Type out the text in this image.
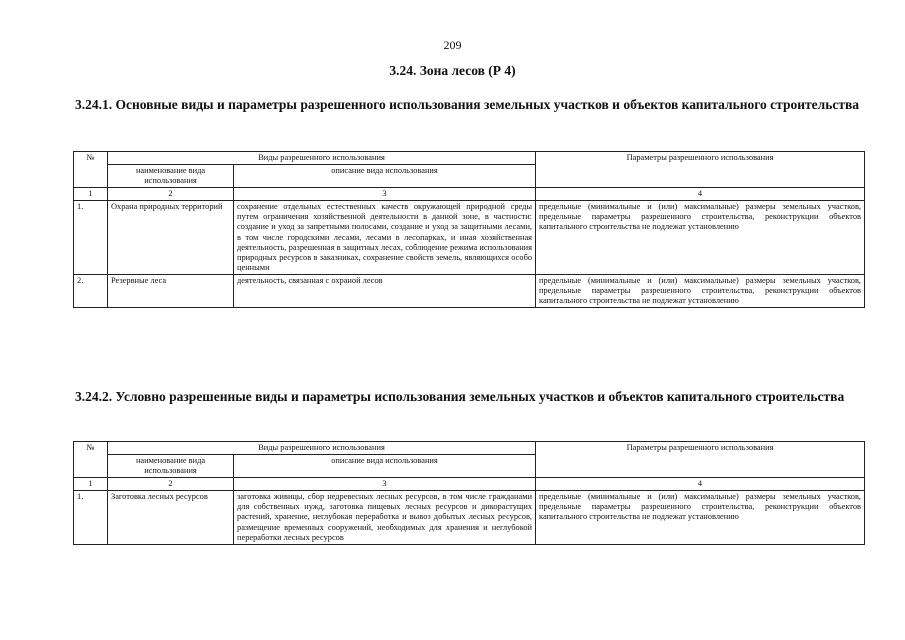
209
3.24. Зона лесов (Р 4)
3.24.1. Основные виды и параметры разрешенного использования земельных участков и объектов капитального строительства
№	Виды разрешенного использования		Параметры разрешенного использования
	наименование вида использования	описание вида использования	
1	2	3	4
1.	Охрана природных территорий	сохранение отдельных естественных качеств окружающей природной среды путем ограничения хозяйственной деятельности в данной зоне, в частности: создание и уход за запретными полосами, создание и уход за защитными лесами, в том числе городскими лесами, лесами в лесопарках, и иная хозяйственная деятельность, разрешенная в защитных лесах, соблюдение режима использования природных ресурсов в заказниках, сохранение свойств земель, являющихся особо ценными	предельные (минимальные и (или) максимальные) размеры земельных участков, предельные параметры разрешенного строительства, реконструкции объектов капитального строительства не подлежат установлению
2.	Резервные леса	деятельность, связанная с охраной лесов	предельные (минимальные и (или) максимальные) размеры земельных участков, предельные параметры разрешенного строительства, реконструкции объектов капитального строительства не подлежат установлению
3.24.2. Условно разрешенные виды и параметры использования земельных участков и объектов капитального строительства
№	Виды разрешенного использования		Параметры разрешенного использования
	наименование вида использования	описание вида использования	
1	2	3	4
1.	Заготовка лесных ресурсов	заготовка живицы, сбор недревесных лесных ресурсов, в том числе гражданами для собственных нужд, заготовка пищевых лесных ресурсов и дикорастущих растений, хранение, неглубокая переработка и вывоз добытых лесных ресурсов, размещение временных сооружений, необходимых для хранения и неглубокой переработки лесных ресурсов	предельные (минимальные и (или) максимальные) размеры земельных участков, предельные параметры разрешенного строительства, реконструкции объектов капитального строительства не подлежат установлению
